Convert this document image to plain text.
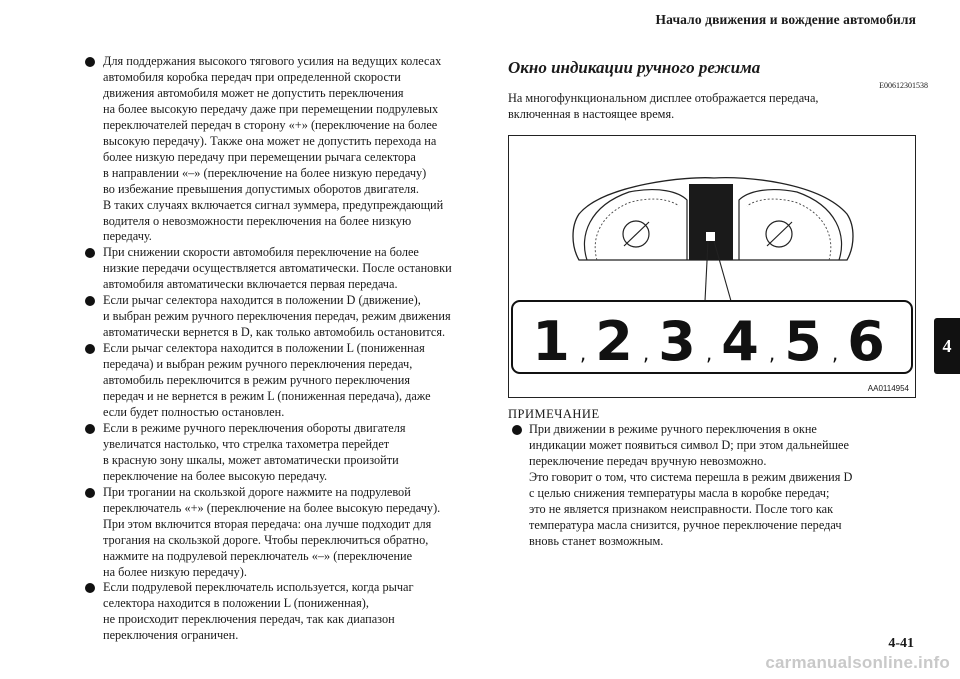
Начало движения и вождение автомобиля
4

Для поддержания высокого тягового усилия на ведущих колесах
автомобиля коробка передач при определенной скорости
движения автомобиля может не допустить переключения
на более высокую передачу даже при перемещении подрулевых
переключателей передач в сторону «+» (переключение на более
высокую передачу). Также она может не допустить перехода на
более низкую передачу при перемещении рычага селектора
в направлении «–» (переключение на более низкую передачу)
во избежание превышения допустимых оборотов двигателя.
В таких случаях включается сигнал зуммера, предупреждающий
водителя о невозможности переключения на более низкую
передачу.

При снижении скорости автомобиля переключение на более
низкие передачи осуществляется автоматически. После остановки
автомобиля автоматически включается первая передача.

Если рычаг селектора находится в положении D (движение),
и выбран режим ручного переключения передач, режим движения
автоматически вернется в D, как только автомобиль остановится.

Если рычаг селектора находится в положении L (пониженная
передача) и выбран режим ручного переключения передач,
автомобиль переключится в режим ручного переключения
передач и не вернется в режим L (пониженная передача), даже
если будет полностью остановлен.

Если в режиме ручного переключения обороты двигателя
увеличатся настолько, что стрелка тахометра перейдет
в красную зону шкалы, может автоматически произойти
переключение на более высокую передачу.

При трогании на скользкой дороге нажмите на подрулевой
переключатель «+» (переключение на более высокую передачу).
При этом включится вторая передача: она лучше подходит для
трогания на скользкой дороге. Чтобы переключиться обратно,
нажмите на подрулевой переключатель «–» (переключение
на более низкую передачу).

Если подрулевой переключатель используется, когда рычаг
селектора находится в положении L (пониженная),
не происходит переключения передач, так как диапазон
переключения ограничен.

Окно индикации ручного режима
E00612301538
На многофункциональном дисплее отображается передача,
включенная в настоящее время.
1 , 2 , 3 , 4 , 5 , 6
AA0114954
ПРИМЕЧАНИЕ

При движении в режиме ручного переключения в окне
индикации может появиться символ D; при этом дальнейшее
переключение передач вручную невозможно.
Это говорит о том, что система перешла в режим движения D
с целью снижения температуры масла в коробке передач;
это не является признаком неисправности. После того как
температура масла снизится, ручное переключение передач
вновь станет возможным.

4-41
carmanualsonline.info
